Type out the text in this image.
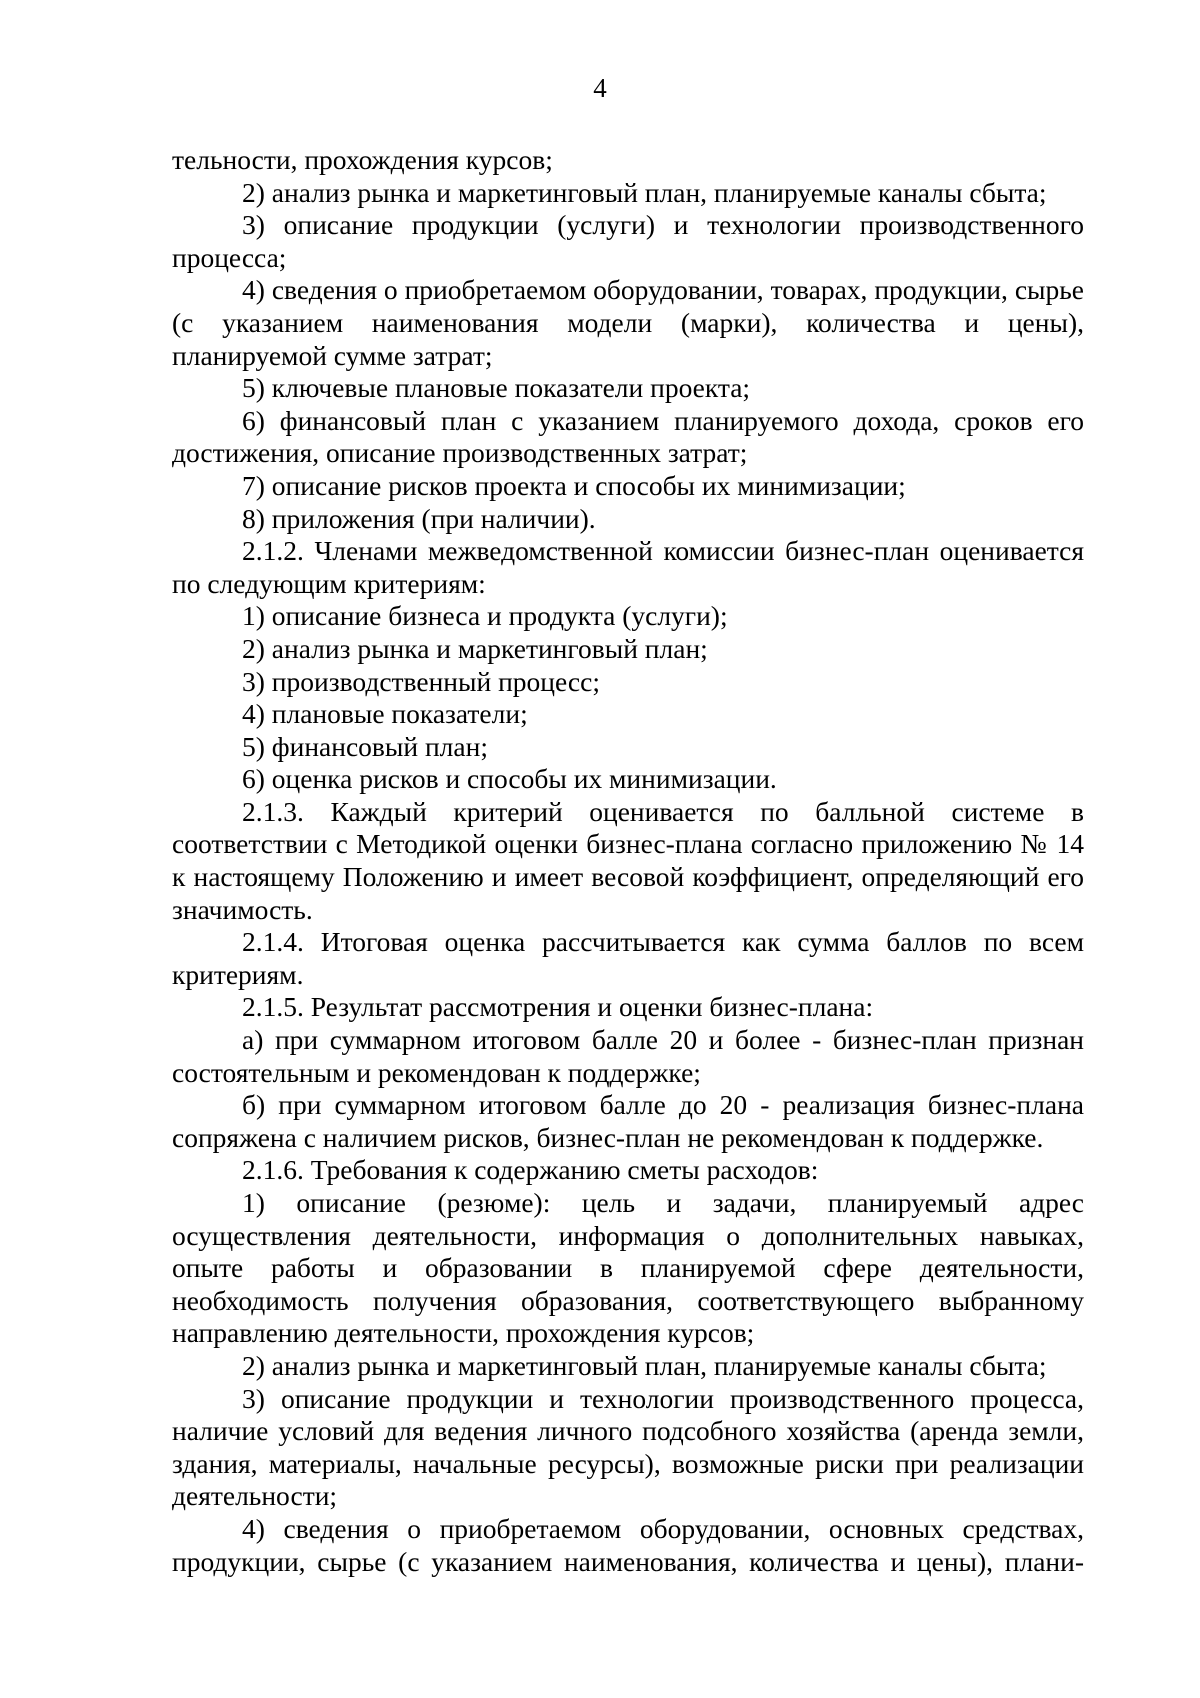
4

тельности, прохождения курсов;

2) анализ рынка и маркетинговый план, планируемые каналы сбыта;

3) описание продукции (услуги) и технологии производственного процесса;

4) сведения о приобретаемом оборудовании, товарах, продукции, сырье (с указанием наименования модели (марки), количества и цены), планируемой сумме затрат;

5) ключевые плановые показатели проекта;

6) финансовый план с указанием планируемого дохода, сроков его достижения, описание производственных затрат;

7) описание рисков проекта и способы их минимизации;

8) приложения (при наличии).

2.1.2. Членами межведомственной комиссии бизнес-план оценивается по следующим критериям:

1) описание бизнеса и продукта (услуги);

2) анализ рынка и маркетинговый план;

3) производственный процесс;

4) плановые показатели;

5) финансовый план;

6) оценка рисков и способы их минимизации.

2.1.3. Каждый критерий оценивается по балльной системе в соответствии с Методикой оценки бизнес-плана согласно приложению № 14 к настоящему Положению и имеет весовой коэффициент, определяющий его значимость.

2.1.4. Итоговая оценка рассчитывается как сумма баллов по всем критериям.

2.1.5. Результат рассмотрения и оценки бизнес-плана:

а) при суммарном итоговом балле 20 и более - бизнес-план признан состоятельным и рекомендован к поддержке;

б) при суммарном итоговом балле до 20 - реализация бизнес-плана сопряжена с наличием рисков, бизнес-план не рекомендован к поддержке.

2.1.6. Требования к содержанию сметы расходов:

1) описание (резюме): цель и задачи, планируемый адрес осуществления деятельности, информация о дополнительных навыках, опыте работы и образовании в планируемой сфере деятельности, необходимость получения образования, соответствующего выбранному направлению деятельности, прохождения курсов;

2) анализ рынка и маркетинговый план, планируемые каналы сбыта;

3) описание продукции и технологии производственного процесса, наличие условий для ведения личного подсобного хозяйства (аренда земли, здания, материалы, начальные ресурсы), возможные риски при реализации деятельности;

4) сведения о приобретаемом оборудовании, основных средствах, продукции, сырье (с указанием наименования, количества и цены), плани-
